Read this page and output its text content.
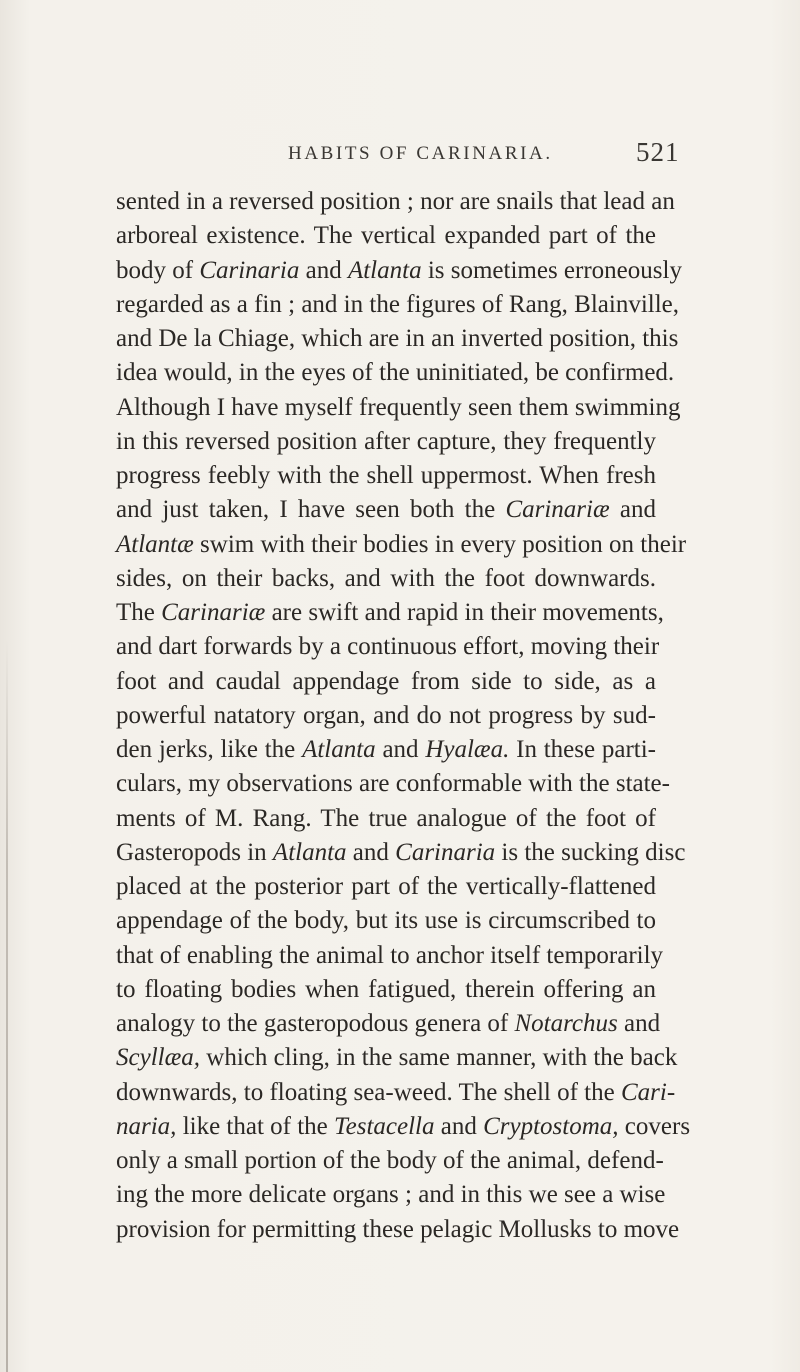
HABITS OF CARINARIA.	521
sented in a reversed position ; nor are snails that lead an
arboreal existence. The vertical expanded part of the
body of Carinaria and Atlanta is sometimes erroneously
regarded as a fin ; and in the figures of Rang, Blainville,
and De la Chiage, which are in an inverted position, this
idea would, in the eyes of the uninitiated, be confirmed.
Although I have myself frequently seen them swimming
in this reversed position after capture, they frequently
progress feebly with the shell uppermost. When fresh
and just taken, I have seen both the Carinariæ and
Atlantæ swim with their bodies in every position on their
sides, on their backs, and with the foot downwards.
The Carinariæ are swift and rapid in their movements,
and dart forwards by a continuous effort, moving their
foot and caudal appendage from side to side, as a
powerful natatory organ, and do not progress by sud-
den jerks, like the Atlanta and Hyalæa. In these parti-
culars, my observations are conformable with the state-
ments of M. Rang. The true analogue of the foot of
Gasteropods in Atlanta and Carinaria is the sucking disc
placed at the posterior part of the vertically-flattened
appendage of the body, but its use is circumscribed to
that of enabling the animal to anchor itself temporarily
to floating bodies when fatigued, therein offering an
analogy to the gasteropodous genera of Notarchus and
Scyllæa, which cling, in the same manner, with the back
downwards, to floating sea-weed. The shell of the Cari-
naria, like that of the Testacella and Cryptostoma, covers
only a small portion of the body of the animal, defend-
ing the more delicate organs ; and in this we see a wise
provision for permitting these pelagic Mollusks to move
